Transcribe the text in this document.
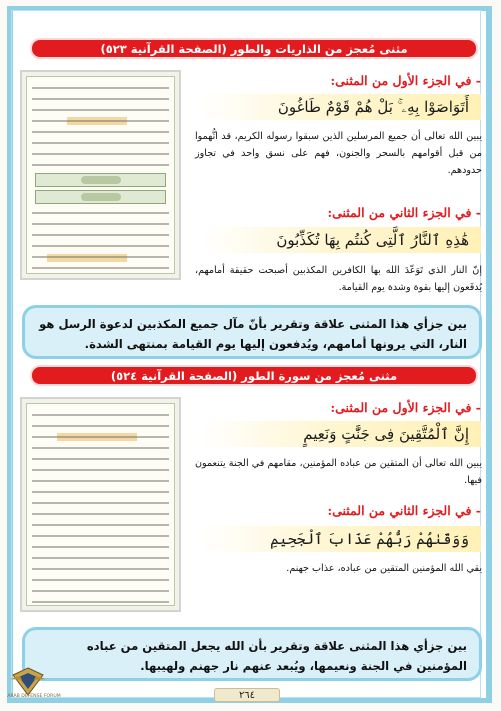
مثنى مُعجز من الذاريات والطور (الصفحة القرآنية ٥٢٣)
- في الجزء الأول من المثنى:
أَتَوَاصَوْا بِهِۦ ۚ بَلْ هُمْ قَوْمٌ طَاغُونَ
يبين الله تعالى أن جميع المرسلين الذين سبقوا رسوله الكريم، قد اتُّهموا من قبل أقوامهم بالسحر والجنون، فهم على نسق واحد في تجاوز حدودهم.
- في الجزء الثاني من المثنى:
هَٰذِهِ ٱلنَّارُ ٱلَّتِى كُنتُم بِهَا تُكَذِّبُونَ
إنّ النار الذي تَوَعّدَ الله بها الكافرين المكذبين أصبحت حقيقة أمامهم، يُدفَعون إليها بقوة وشدة يوم القيامة.
بين جزأي هذا المثنى علاقة وتقرير بأنّ مآل جميع المكذبين لدعوة الرسل هو النار، التي يرونها أمامهم، ويُدفعون إليها يوم القيامة بمنتهى الشدة.
مثنى مُعجز من سورة الطور (الصفحة القرآنية ٥٢٤)
- في الجزء الأول من المثنى:
إِنَّ ٱلْمُتَّقِينَ فِى جَنَّٰتٍ وَنَعِيمٍ
يبين الله تعالى أن المتقين من عباده المؤمنين، مقامهم في الجنة يتنعمون فيها.
- في الجزء الثاني من المثنى:
وَوَقَىٰهُمْ رَبُّهُمْ عَذَابَ ٱلْجَحِيمِ
يقي الله المؤمنين المتقين من عباده، عذاب جهنم.
بين جزأي هذا المثنى علاقة وتقرير بأن الله يجعل المتقين من عباده المؤمنين في الجنة ونعيمها، ويُبعد عنهم نار جهنم ولهيبها.
٢٦٤
ARAB DEFENSE FORUM
